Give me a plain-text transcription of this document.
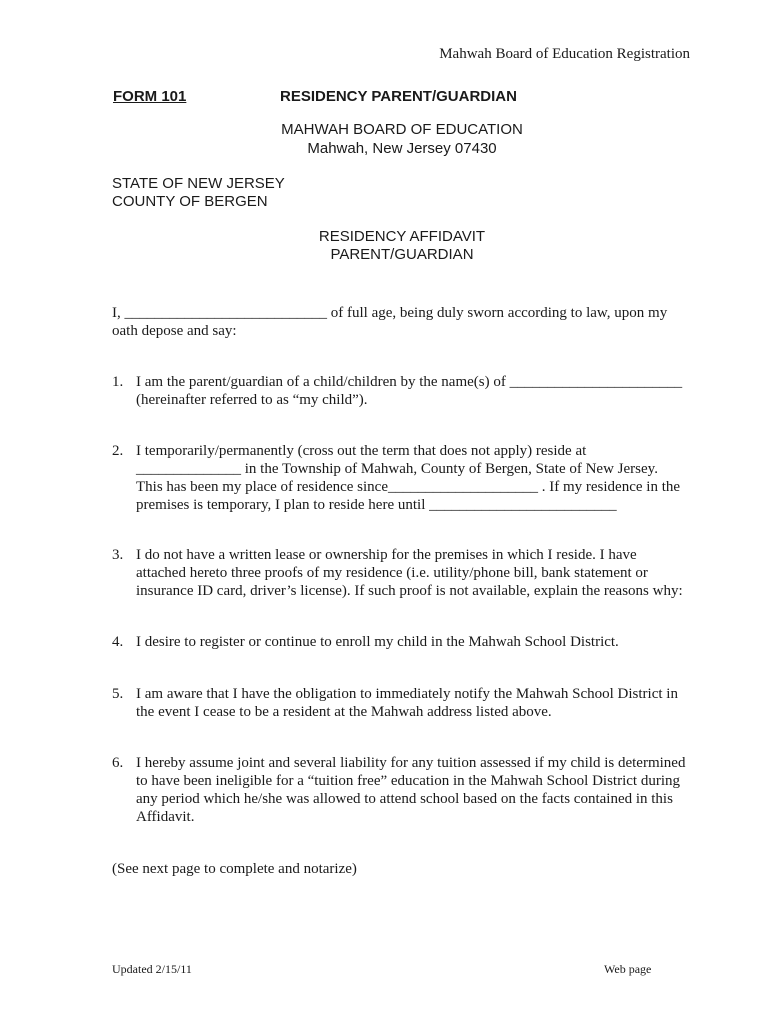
Mahwah Board of Education Registration
FORM 101	RESIDENCY PARENT/GUARDIAN
MAHWAH BOARD OF EDUCATION
Mahwah, New Jersey 07430
STATE OF NEW JERSEY
COUNTY OF BERGEN
RESIDENCY AFFIDAVIT
PARENT/GUARDIAN
I, ___________________________ of full age, being duly sworn according to law, upon my
oath depose and say:
1. I am the parent/guardian of a child/children by the name(s) of _______________________
(hereinafter referred to as “my child”).
2. I temporarily/permanently (cross out the term that does not apply) reside at
______________ in the Township of Mahwah, County of Bergen, State of New Jersey.
This has been my place of residence since____________________ . If my residence in the
premises is temporary, I plan to reside here until _________________________
3. I do not have a written lease or ownership for the premises in which I reside. I have
attached hereto three proofs of my residence (i.e. utility/phone bill, bank statement or
insurance ID card, driver’s license). If such proof is not available, explain the reasons why:
4. I desire to register or continue to enroll my child in the Mahwah School District.
5. I am aware that I have the obligation to immediately notify the Mahwah School District in
the event I cease to be a resident at the Mahwah address listed above.
6. I hereby assume joint and several liability for any tuition assessed if my child is determined
to have been ineligible for a “tuition free” education in the Mahwah School District during
any period which he/she was allowed to attend school based on the facts contained in this
Affidavit.
(See next page to complete and notarize)
Updated 2/15/11	Web page
